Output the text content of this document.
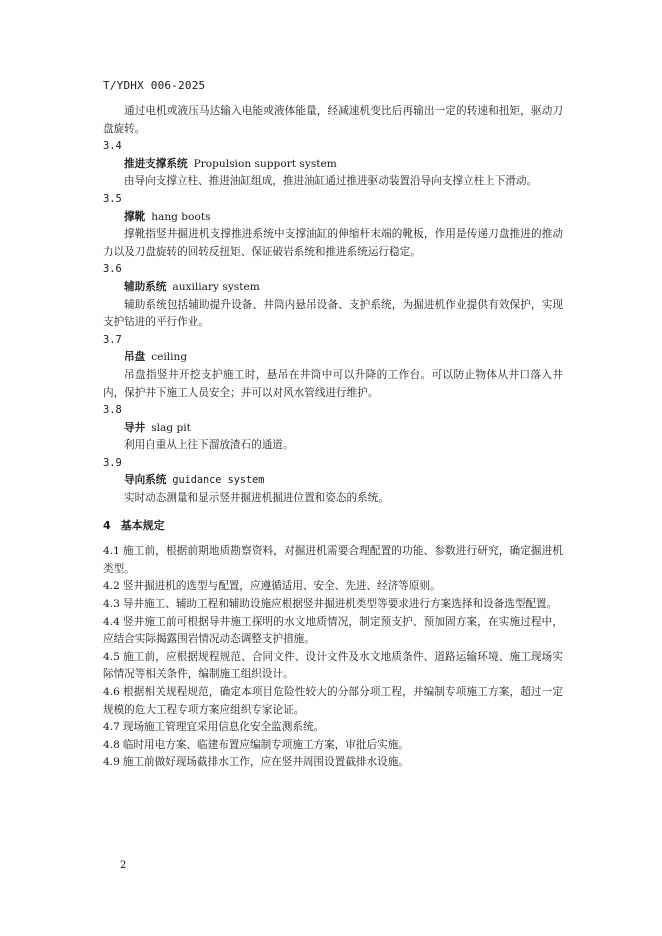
T/YDHX 006-2025

通过电机或液压马达输入电能或液体能量，经减速机变比后再输出一定的转速和扭矩，驱动刀盘旋转。

3.4

推进支撑系统 Propulsion support system

由导向支撑立柱、推进油缸组成，推进油缸通过推进驱动装置沿导向支撑立柱上下滑动。

3.5

撑靴 hang boots

撑靴指竖井掘进机支撑推进系统中支撑油缸的伸缩杆末端的靴板，作用是传递刀盘推进的推动力以及刀盘旋转的回转反扭矩、保证破岩系统和推进系统运行稳定。

3.6

辅助系统 auxiliary system

辅助系统包括辅助提升设备、井筒内悬吊设备、支护系统，为掘进机作业提供有效保护，实现支护钻进的平行作业。

3.7

吊盘 ceiling

吊盘指竖井开挖支护施工时，悬吊在井筒中可以升降的工作台。可以防止物体从井口落入井内，保护井下施工人员安全；并可以对风水管线进行维护。

3.8

导井 slag pit

利用自重从上往下溜放渣石的通道。

3.9

导向系统 guidance system

实时动态测量和显示竖井掘进机掘进位置和姿态的系统。

4 基本规定

4.1 施工前，根据前期地质勘察资料，对掘进机需要合理配置的功能、参数进行研究，确定掘进机类型。

4.2 竖井掘进机的选型与配置，应遵循适用、安全、先进、经济等原则。

4.3 导井施工、辅助工程和辅助设施应根据竖井掘进机类型等要求进行方案选择和设备选型配置。

4.4 竖井施工前可根据导井施工探明的水文地质情况，制定预支护、预加固方案，在实施过程中，应结合实际揭露围岩情况动态调整支护措施。

4.5 施工前，应根据规程规范、合同文件、设计文件及水文地质条件、道路运输环境、施工现场实际情况等相关条件，编制施工组织设计。

4.6 根据相关规程规范，确定本项目危险性较大的分部分项工程，并编制专项施工方案，超过一定规模的危大工程专项方案应组织专家论证。

4.7 现场施工管理宜采用信息化安全监测系统。

4.8 临时用电方案、临建布置应编制专项施工方案，审批后实施。

4.9 施工前做好现场截排水工作，应在竖井周围设置截排水设施。

2
